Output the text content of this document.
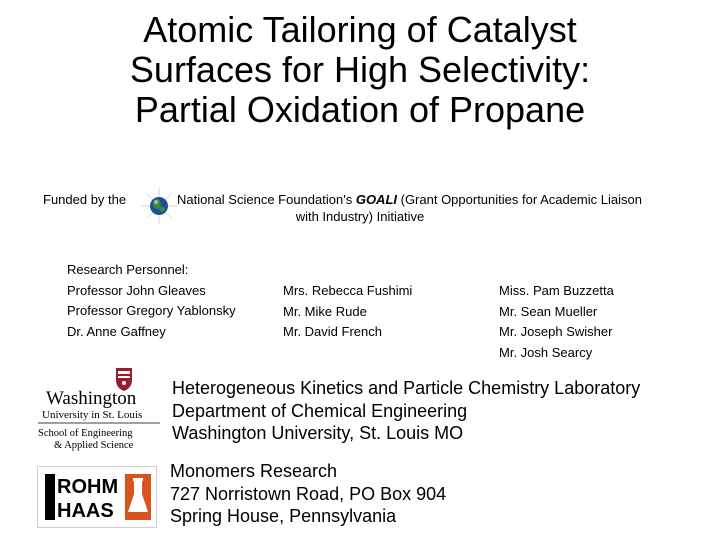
Atomic Tailoring of Catalyst
Surfaces for High Selectivity:
Partial Oxidation of Propane
Funded by the	National Science Foundation's GOALI (Grant Opportunities for Academic Liaison
with Industry) Initiative
Research Personnel:
Professor John Gleaves
Professor Gregory Yablonsky
Dr. Anne Gaffney
Mrs. Rebecca Fushimi
Mr. Mike Rude
Mr. David French
Miss. Pam Buzzetta
Mr. Sean Mueller
Mr. Joseph Swisher
Mr. Josh Searcy
Washington
University in St. Louis
School of Engineering
& Applied Science
Heterogeneous Kinetics and Particle Chemistry Laboratory
Department of Chemical Engineering
Washington University, St. Louis MO
ROHM
HAAS
Monomers Research
727 Norristown Road, PO Box 904
Spring House, Pennsylvania
